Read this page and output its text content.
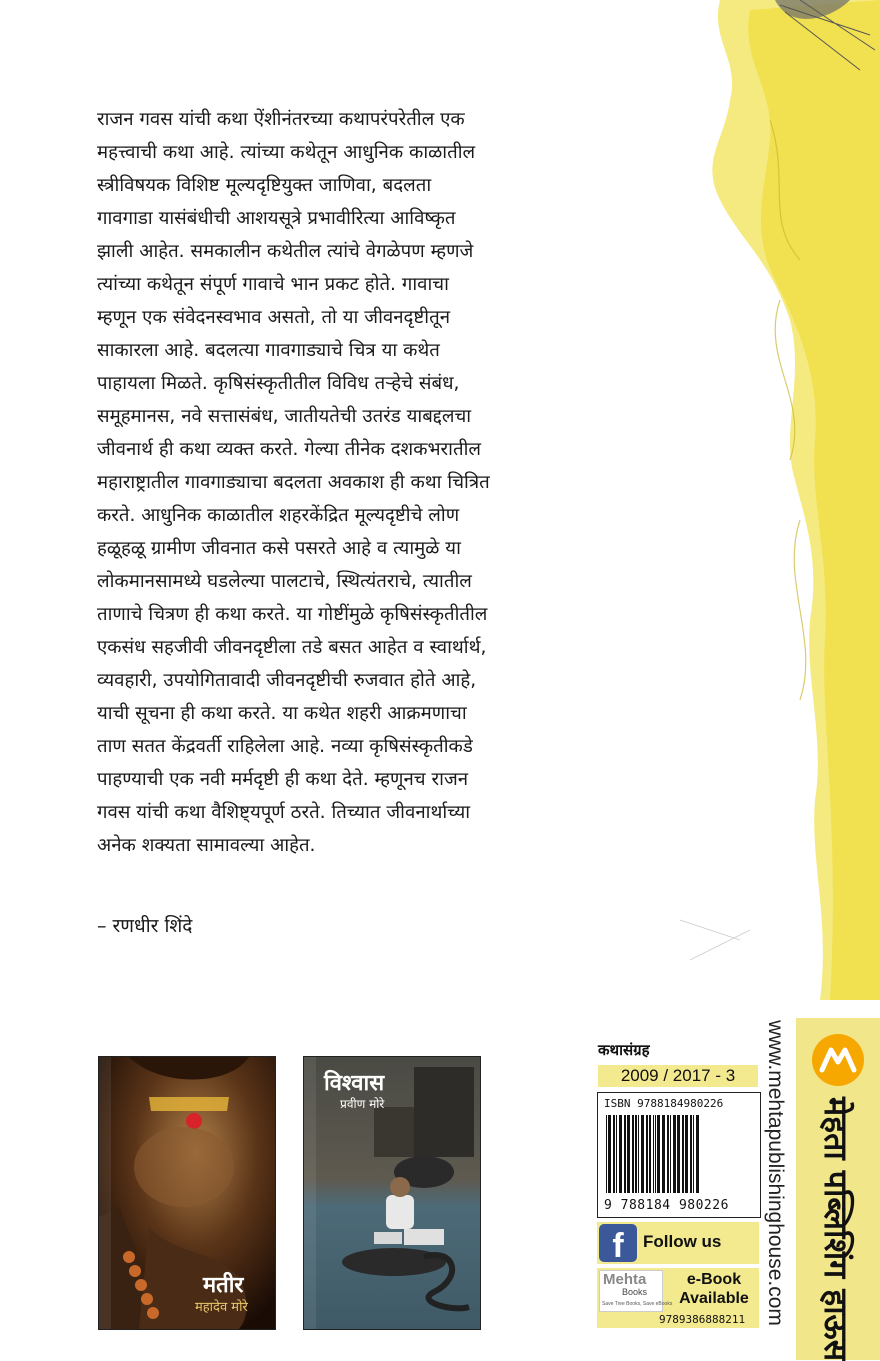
राजन गवस यांची कथा ऐंशीनंतरच्या कथापरंपरेतील एक
महत्त्वाची कथा आहे. त्यांच्या कथेतून आधुनिक काळातील
स्त्रीविषयक विशिष्ट मूल्यदृष्टियुक्त जाणिवा, बदलता
गावगाडा यासंबंधीची आशयसूत्रे प्रभावीरित्या आविष्कृत
झाली आहेत. समकालीन कथेतील त्यांचे वेगळेपण म्हणजे
त्यांच्या कथेतून संपूर्ण गावाचे भान प्रकट होते. गावाचा
म्हणून एक संवेदनस्वभाव असतो, तो या जीवनदृष्टीतून
साकारला आहे. बदलत्या गावगाड्याचे चित्र या कथेत
पाहायला मिळते. कृषिसंस्कृतीतील विविध तऱ्हेचे संबंध,
समूहमानस, नवे सत्तासंबंध, जातीयतेची उतरंड याबद्दलचा
जीवनार्थ ही कथा व्यक्त करते. गेल्या तीनेक दशकभरातील
महाराष्ट्रातील गावगाड्याचा बदलता अवकाश ही कथा चित्रित
करते. आधुनिक काळातील शहरकेंद्रित मूल्यदृष्टीचे लोण
हळूहळू ग्रामीण जीवनात कसे पसरते आहे व त्यामुळे या
लोकमानसामध्ये घडलेल्या पालटाचे, स्थित्यंतराचे, त्यातील
ताणाचे चित्रण ही कथा करते. या गोष्टींमुळे कृषिसंस्कृतीतील
एकसंध सहजीवी जीवनदृष्टीला तडे बसत आहेत व स्वार्थार्थ,
व्यवहारी, उपयोगितावादी जीवनदृष्टीची रुजवात होते आहे,
याची सूचना ही कथा करते. या कथेत शहरी आक्रमणाचा
ताण सतत केंद्रवर्ती राहिलेला आहे. नव्या कृषिसंस्कृतीकडे
पाहण्याची एक नवी मर्मदृष्टी ही कथा देते. म्हणूनच राजन
गवस यांची कथा वैशिष्ट्यपूर्ण ठरते. तिच्यात जीवनार्थाच्या
अनेक शक्यता सामावल्या आहेत.
– रणधीर शिंदे
मतीर
महादेव मोरे
मेहता पब्लिशिंग हाऊस
विश्वास
प्रवीण मोरे
मेहता पब्लिशिंग हाऊस
कथासंग्रह
2009 / 2017 - 3
ISBN 9788184980226
9 788184 980226
f	Follow us
Mehta
Books
Save Tree Books, Save eBooks
e-Book Available
9789386888211 www.mehtapublishinghouse.com मेहता पब्लिशिंग हाऊस
